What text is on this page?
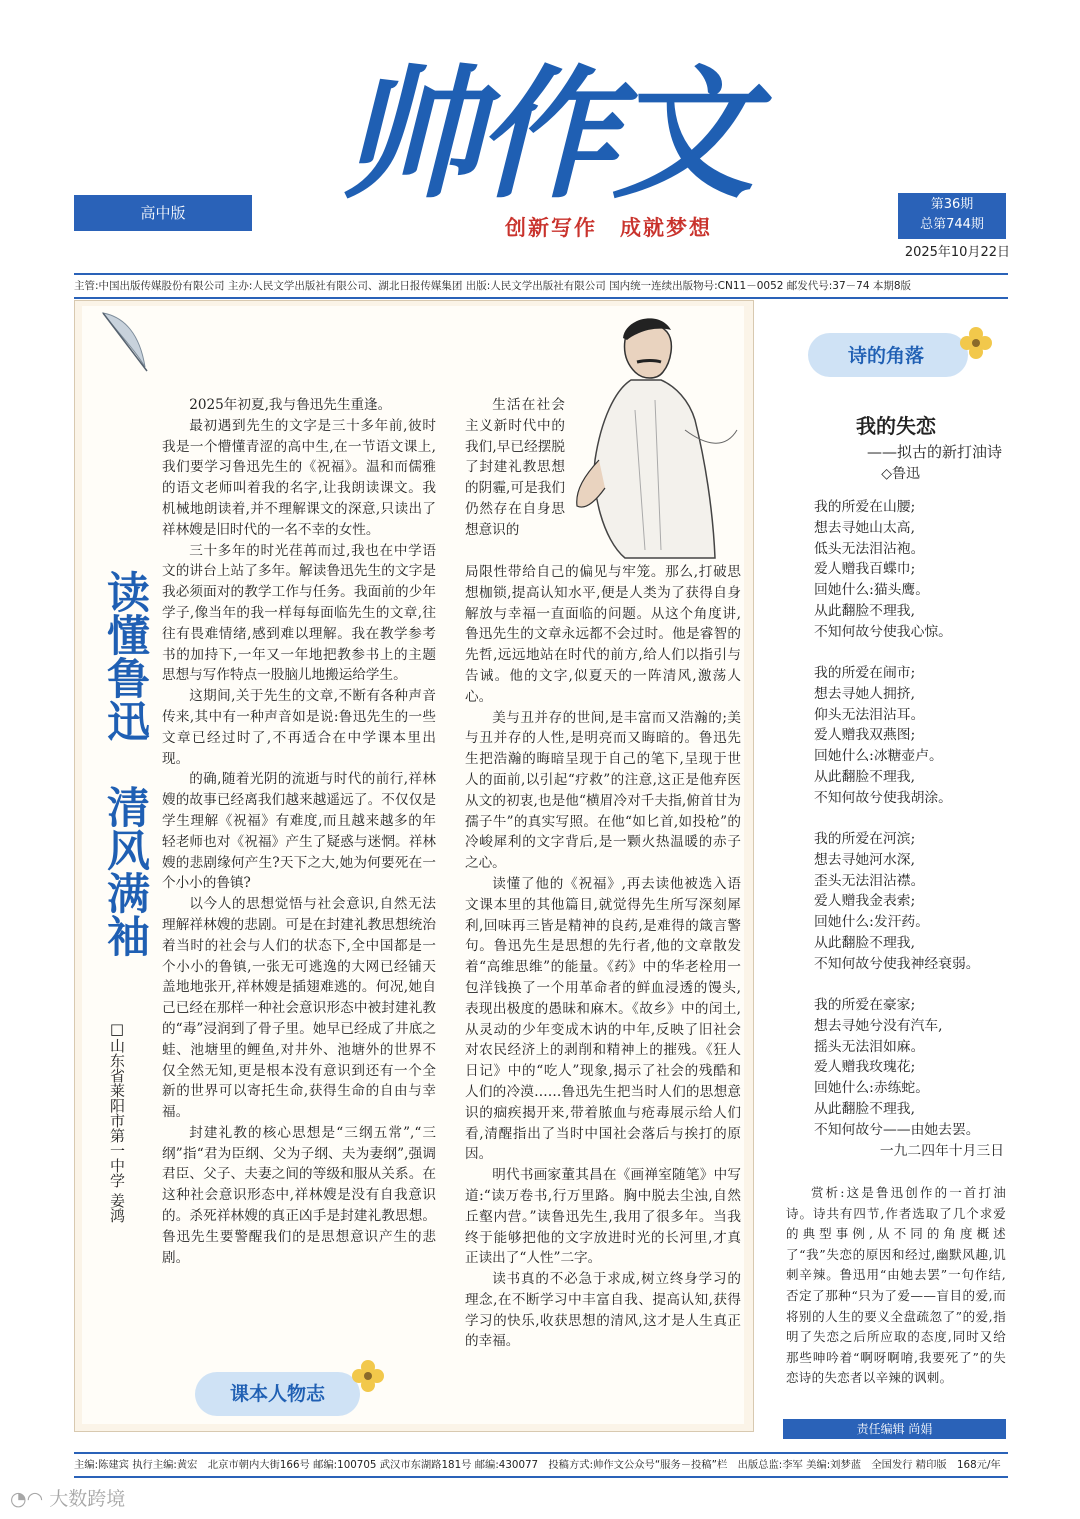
帅作文
高中版
创新写作　成就梦想
第36期
总第744期
2025年10月22日
主管:中国出版传媒股份有限公司 主办:人民文学出版社有限公司、湖北日报传媒集团 出版:人民文学出版社有限公司 国内统一连续出版物号:CN11－0052 邮发代号:37－74 本期8版
读懂鲁迅　清风满袖
□山东省莱阳市第一中学 姜鸿

2025年初夏,我与鲁迅先生重逢。

最初遇到先生的文字是三十多年前,彼时我是一个懵懂青涩的高中生,在一节语文课上,我们要学习鲁迅先生的《祝福》。温和而儒雅的语文老师叫着我的名字,让我朗读课文。我机械地朗读着,并不理解课文的深意,只读出了祥林嫂是旧时代的一名不幸的女性。

三十多年的时光荏苒而过,我也在中学语文的讲台上站了多年。解读鲁迅先生的文字是我必须面对的教学工作与任务。我面前的少年学子,像当年的我一样每每面临先生的文章,往往有畏难情绪,感到难以理解。我在教学参考书的加持下,一年又一年地把教参书上的主题思想与写作特点一股脑儿地搬运给学生。

这期间,关于先生的文章,不断有各种声音传来,其中有一种声音如是说:鲁迅先生的一些文章已经过时了,不再适合在中学课本里出现。

的确,随着光阴的流逝与时代的前行,祥林嫂的故事已经离我们越来越遥远了。不仅仅是学生理解《祝福》有难度,而且越来越多的年轻老师也对《祝福》产生了疑惑与迷惘。祥林嫂的悲剧缘何产生?天下之大,她为何要死在一个小小的鲁镇?

以今人的思想觉悟与社会意识,自然无法理解祥林嫂的悲剧。可是在封建礼教思想统治着当时的社会与人们的状态下,全中国都是一个小小的鲁镇,一张无可逃逸的大网已经铺天盖地地张开,祥林嫂是插翅难逃的。何况,她自己已经在那样一种社会意识形态中被封建礼教的“毒”浸润到了骨子里。她早已经成了井底之蛙、池塘里的鲤鱼,对井外、池塘外的世界不仅全然无知,更是根本没有意识到还有一个全新的世界可以寄托生命,获得生命的自由与幸福。

封建礼教的核心思想是“三纲五常”,“三纲”指“君为臣纲、父为子纲、夫为妻纲”,强调君臣、父子、夫妻之间的等级和服从关系。在这种社会意识形态中,祥林嫂是没有自我意识的。杀死祥林嫂的真正凶手是封建礼教思想。鲁迅先生要警醒我们的是思想意识产生的悲剧。

生活在社会主义新时代中的我们,早已经摆脱了封建礼教思想的阴霾,可是我们仍然存在自身思想意识的

局限性带给自己的偏见与牢笼。那么,打破思想枷锁,提高认知水平,便是人类为了获得自身解放与幸福一直面临的问题。从这个角度讲,鲁迅先生的文章永远都不会过时。他是睿智的先哲,远远地站在时代的前方,给人们以指引与告诫。他的文字,似夏天的一阵清风,激荡人心。

美与丑并存的世间,是丰富而又浩瀚的;美与丑并存的人性,是明亮而又晦暗的。鲁迅先生把浩瀚的晦暗呈现于自己的笔下,呈现于世人的面前,以引起“疗救”的注意,这正是他弃医从文的初衷,也是他“横眉冷对千夫指,俯首甘为孺子牛”的真实写照。在他“如匕首,如投枪”的冷峻犀利的文字背后,是一颗火热温暖的赤子之心。

读懂了他的《祝福》,再去读他被选入语文课本里的其他篇目,就觉得先生所写深刻犀利,回味再三皆是精神的良药,是难得的箴言警句。鲁迅先生是思想的先行者,他的文章散发着“高维思维”的能量。《药》中的华老栓用一包洋钱换了一个用革命者的鲜血浸透的馒头,表现出极度的愚昧和麻木。《故乡》中的闰土,从灵动的少年变成木讷的中年,反映了旧社会对农民经济上的剥削和精神上的摧残。《狂人日记》中的“吃人”现象,揭示了社会的残酷和人们的冷漠……鲁迅先生把当时人们的思想意识的痼疾揭开来,带着脓血与疮毒展示给人们看,清醒指出了当时中国社会落后与挨打的原因。

明代书画家董其昌在《画禅室随笔》中写道:“读万卷书,行万里路。胸中脱去尘浊,自然丘壑内营。”读鲁迅先生,我用了很多年。当我终于能够把他的文字放进时光的长河里,才真正读出了“人性”二字。

读书真的不必急于求成,树立终身学习的理念,在不断学习中丰富自我、提高认知,获得学习的快乐,收获思想的清风,这才是人生真正的幸福。

课本人物志
诗的角落
我的失恋
——拟古的新打油诗
◇鲁迅
我的所爱在山腰;
想去寻她山太高,
低头无法泪沾袍。
爱人赠我百蝶巾;
回她什么:猫头鹰。
从此翻脸不理我,
不知何故兮使我心惊。
我的所爱在闹市;
想去寻她人拥挤,
仰头无法泪沾耳。
爱人赠我双燕图;
回她什么:冰糖壶卢。
从此翻脸不理我,
不知何故兮使我胡涂。
我的所爱在河滨;
想去寻她河水深,
歪头无法泪沾襟。
爱人赠我金表索;
回她什么:发汗药。
从此翻脸不理我,
不知何故兮使我神经衰弱。
我的所爱在豪家;
想去寻她兮没有汽车,
摇头无法泪如麻。
爱人赠我玫瑰花;
回她什么:赤练蛇。
从此翻脸不理我,
不知何故兮——由她去罢。
一九二四年十月三日

赏析:这是鲁迅创作的一首打油诗。诗共有四节,作者选取了几个求爱的典型事例,从不同的角度概述了“我”失恋的原因和经过,幽默风趣,讥刺辛辣。鲁迅用“由她去罢”一句作结,否定了那种“只为了爱——盲目的爱,而将别的人生的要义全盘疏忽了”的爱,指明了失恋之后所应取的态度,同时又给那些呻吟着“啊呀啊唷,我要死了”的失恋诗的失恋者以辛辣的讽刺。

责任编辑 尚娟
主编:陈建宾 执行主编:黄宏　北京市朝内大街166号 邮编:100705 武汉市东湖路181号 邮编:430077　投稿方式:帅作文公众号“服务－投稿”栏　出版总监:李军 美编:刘梦蓝　全国发行 精印版　168元/年
◔◠ 大数跨境
